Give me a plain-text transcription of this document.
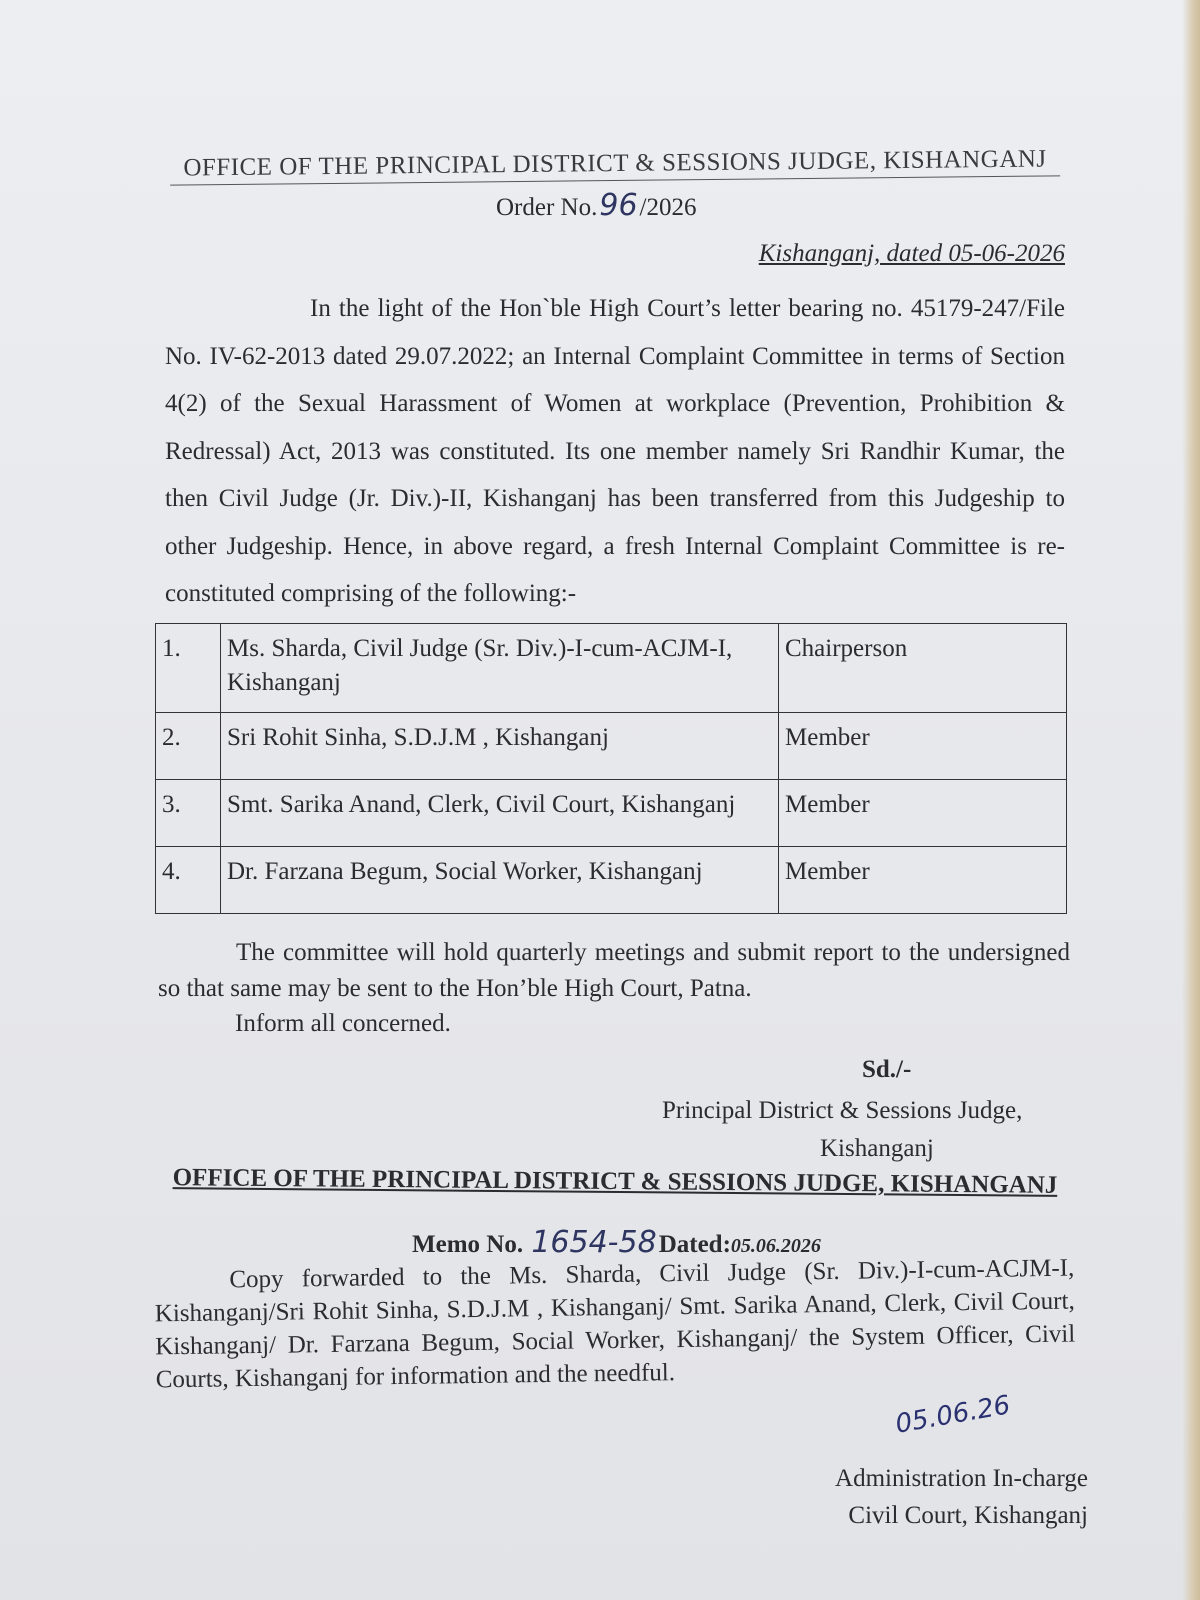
OFFICE OF THE PRINCIPAL DISTRICT & SESSIONS JUDGE, KISHANGANJ
Order No.96/2026
Kishanganj, dated 05-06-2026
In the light of the Hon`ble High Court’s letter bearing no. 45179-247/File No. IV-62-2013 dated 29.07.2022; an Internal Complaint Committee in terms of Section 4(2) of the Sexual Harassment of Women at workplace (Prevention, Prohibition & Redressal) Act, 2013 was constituted. Its one member namely Sri Randhir Kumar, the then Civil Judge (Jr. Div.)-II, Kishanganj has been transferred from this Judgeship to other Judgeship. Hence, in above regard, a fresh Internal Complaint Committee is re-constituted comprising of the following:-
1.	Ms. Sharda, Civil Judge (Sr. Div.)-I-cum-ACJM-I, Kishanganj	Chairperson
2.	Sri Rohit Sinha, S.D.J.M , Kishanganj	Member
3.	Smt. Sarika Anand, Clerk, Civil Court, Kishanganj	Member
4.	Dr. Farzana Begum, Social Worker, Kishanganj	Member
The committee will hold quarterly meetings and submit report to the undersigned so that same may be sent to the Hon’ble High Court, Patna.
Inform all concerned.
Sd./-
Principal District & Sessions Judge,
Kishanganj
OFFICE OF THE PRINCIPAL DISTRICT & SESSIONS JUDGE, KISHANGANJ
Memo No. 1654-58Dated:05.06.2026
Copy forwarded to the Ms. Sharda, Civil Judge (Sr. Div.)-I-cum-ACJM-I, Kishanganj/Sri Rohit Sinha, S.D.J.M , Kishanganj/ Smt. Sarika Anand, Clerk, Civil Court, Kishanganj/ Dr. Farzana Begum, Social Worker, Kishanganj/ the System Officer, Civil Courts, Kishanganj for information and the needful.
05.06.26
Administration In-charge
Civil Court, Kishanganj
